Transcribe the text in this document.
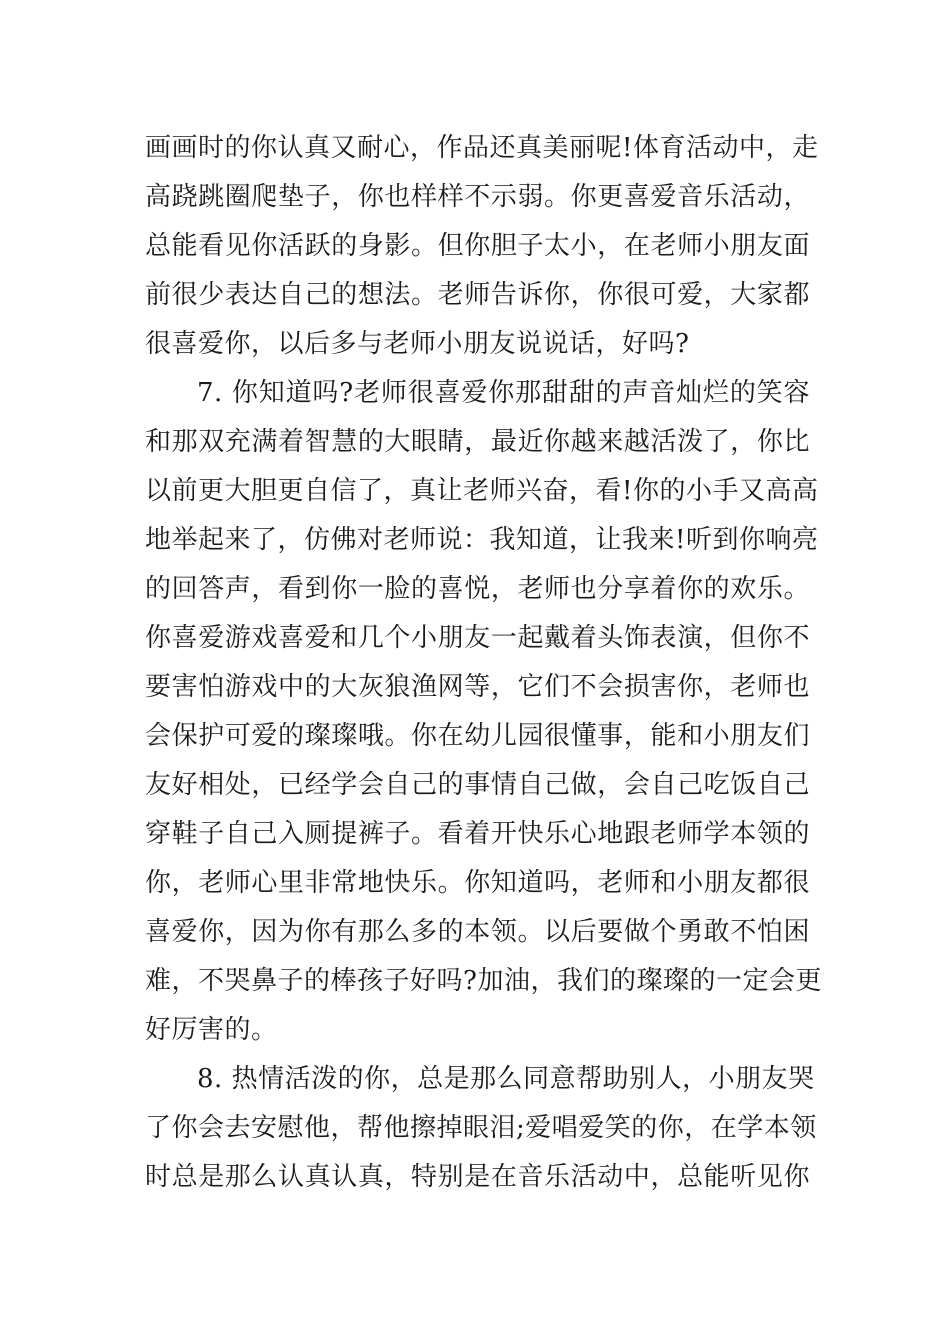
画画时的你认真又耐心，作品还真美丽呢!体育活动中，走
高跷跳圈爬垫子，你也样样不示弱。你更喜爱音乐活动，
总能看见你活跃的身影。但你胆子太小，在老师小朋友面
前很少表达自己的想法。老师告诉你，你很可爱，大家都
很喜爱你，以后多与老师小朋友说说话，好吗?
7. 你知道吗?老师很喜爱你那甜甜的声音灿烂的笑容
和那双充满着智慧的大眼睛，最近你越来越活泼了，你比
以前更大胆更自信了，真让老师兴奋，看!你的小手又高高
地举起来了，仿佛对老师说：我知道，让我来!听到你响亮
的回答声，看到你一脸的喜悦，老师也分享着你的欢乐。
你喜爱游戏喜爱和几个小朋友一起戴着头饰表演，但你不
要害怕游戏中的大灰狼渔网等，它们不会损害你，老师也
会保护可爱的璨璨哦。你在幼儿园很懂事，能和小朋友们
友好相处，已经学会自己的事情自己做，会自己吃饭自己
穿鞋子自己入厕提裤子。看着开快乐心地跟老师学本领的
你，老师心里非常地快乐。你知道吗，老师和小朋友都很
喜爱你，因为你有那么多的本领。以后要做个勇敢不怕困
难，不哭鼻子的棒孩子好吗?加油，我们的璨璨的一定会更
好厉害的。
8. 热情活泼的你，总是那么同意帮助别人，小朋友哭
了你会去安慰他，帮他擦掉眼泪;爱唱爱笑的你，在学本领
时总是那么认真认真，特别是在音乐活动中，总能听见你
